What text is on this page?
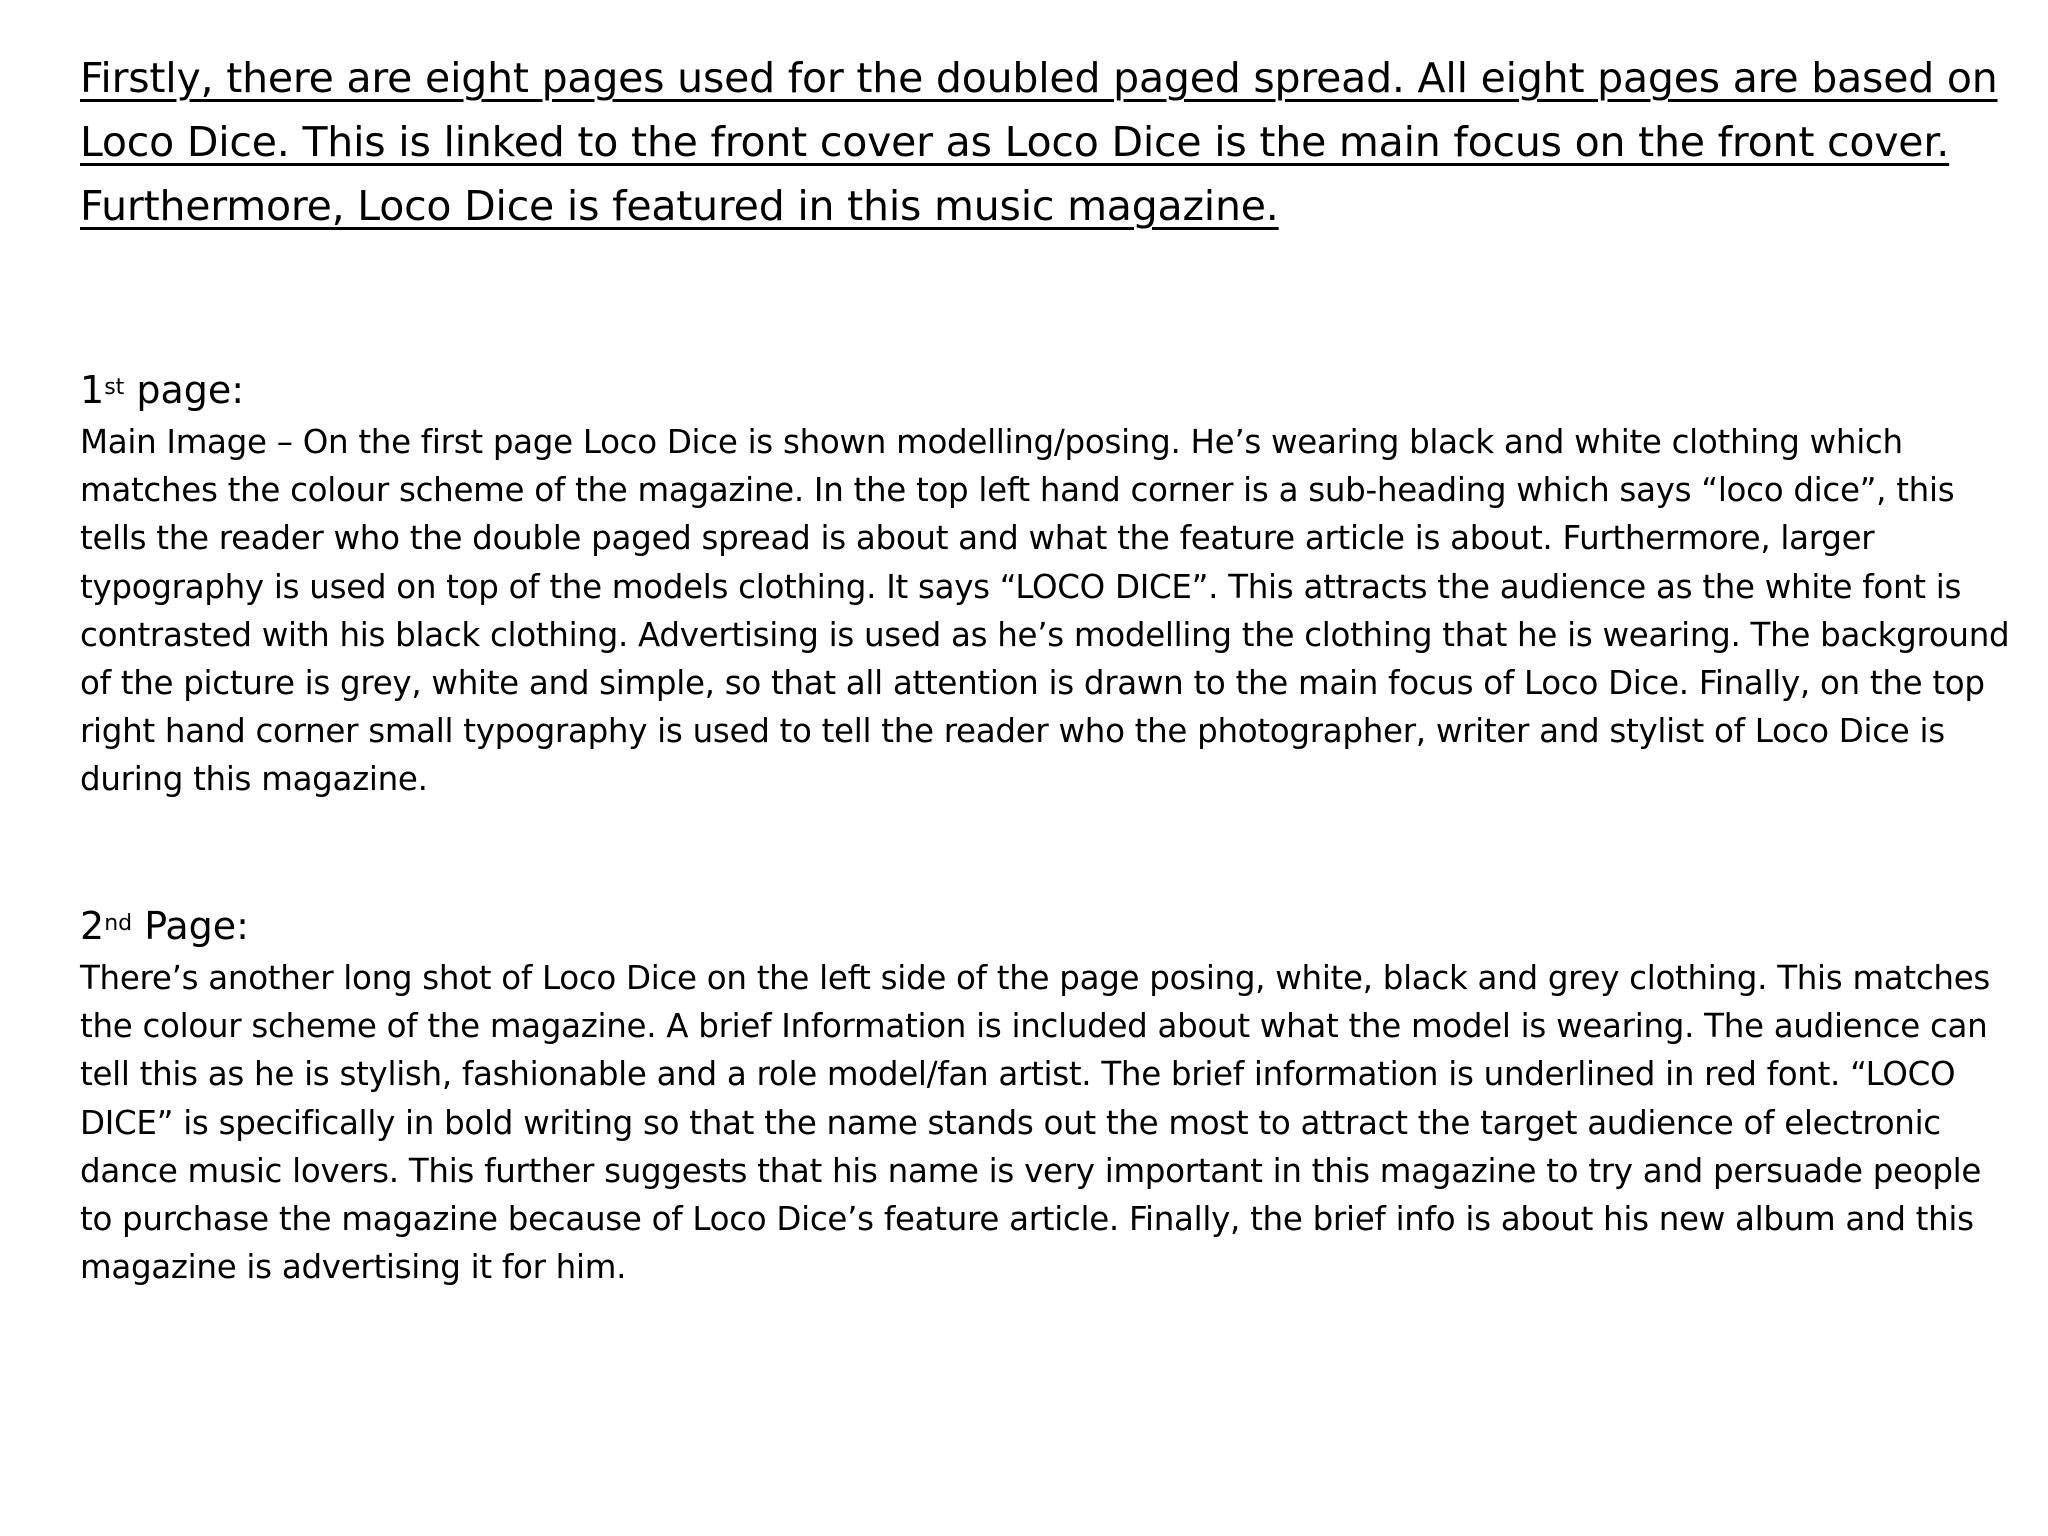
Firstly, there are eight pages used for the doubled paged spread. All eight pages are based on Loco Dice. This is linked to the front cover as Loco Dice is the main focus on the front cover. Furthermore, Loco Dice is featured in this music magazine.

1st page:

Main Image – On the first page Loco Dice is shown modelling/posing. He’s wearing black and white clothing which matches the colour scheme of the magazine. In the top left hand corner is a sub-heading which says “loco dice”, this tells the reader who the double paged spread is about and what the feature article is about. Furthermore, larger typography is used on top of the models clothing. It says “LOCO DICE”. This attracts the audience as the white font is contrasted with his black clothing. Advertising is used as he’s modelling the clothing that he is wearing. The background of the picture is grey, white and simple, so that all attention is drawn to the main focus of Loco Dice. Finally, on the top right hand corner small typography is used to tell the reader who the photographer, writer and stylist of Loco Dice is during this magazine.

2nd Page:

There’s another long shot of Loco Dice on the left side of the page posing, white, black and grey clothing. This matches the colour scheme of the magazine. A brief Information is included about what the model is wearing. The audience can tell this as he is stylish, fashionable and a role model/fan artist. The brief information is underlined in red font. “LOCO DICE” is specifically in bold writing so that the name stands out the most to attract the target audience of electronic dance music lovers. This further suggests that his name is very important in this magazine to try and persuade people to purchase the magazine because of Loco Dice’s feature article. Finally, the brief info is about his new album and this magazine is advertising it for him.
